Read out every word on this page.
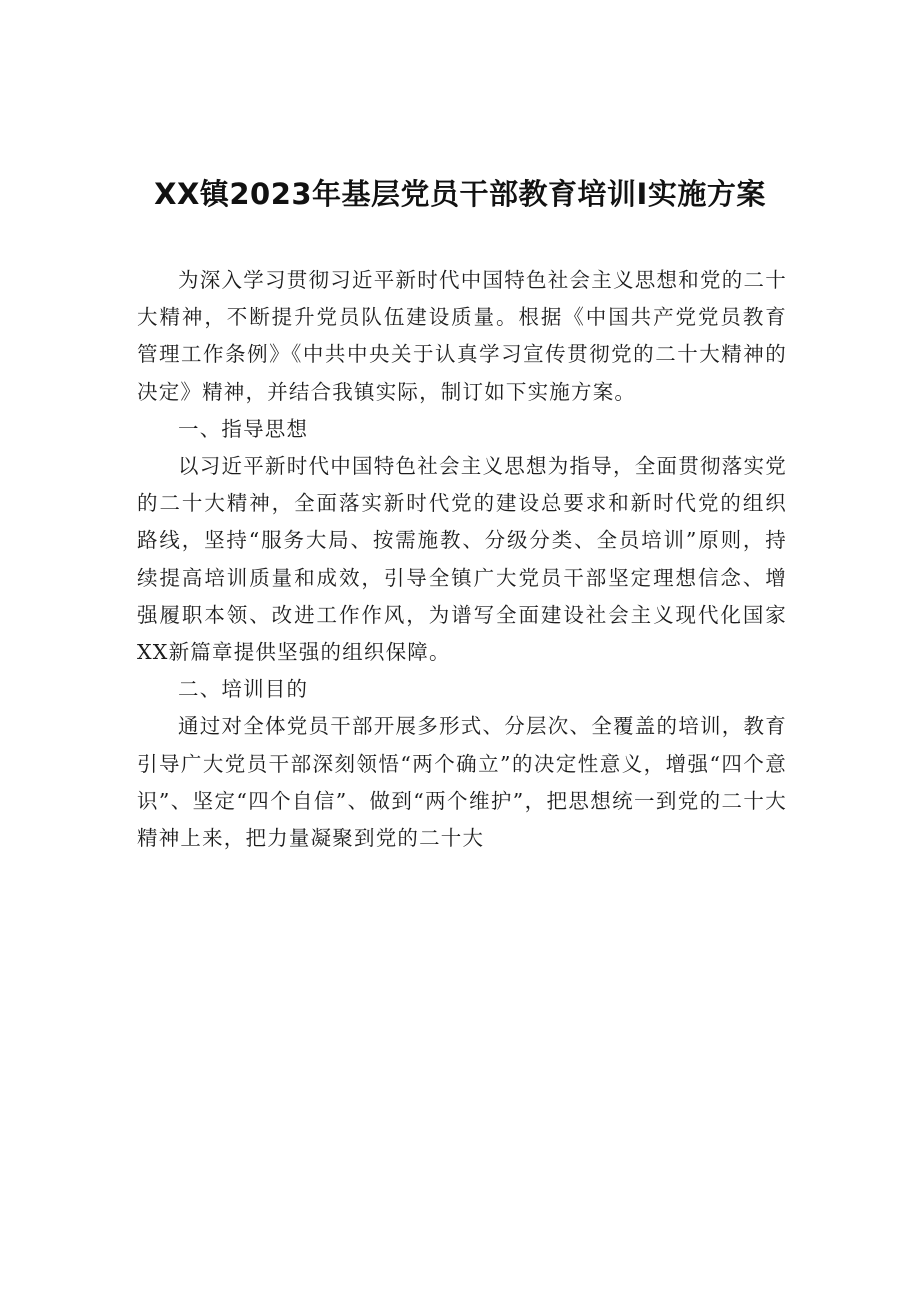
XX镇2023年基层党员干部教育培训Ⅰ实施方案

为深入学习贯彻习近平新时代中国特色社会主义思想和党的二十大精神，不断提升党员队伍建设质量。根据《中国共产党党员教育管理工作条例》《中共中央关于认真学习宣传贯彻党的二十大精神的决定》精神，并结合我镇实际，制订如下实施方案。

一、指导思想

以习近平新时代中国特色社会主义思想为指导，全面贯彻落实党的二十大精神，全面落实新时代党的建设总要求和新时代党的组织路线，坚持“服务大局、按需施教、分级分类、全员培训”原则，持续提高培训质量和成效，引导全镇广大党员干部坚定理想信念、增强履职本领、改进工作作风，为谱写全面建设社会主义现代化国家XX新篇章提供坚强的组织保障。

二、培训目的

通过对全体党员干部开展多形式、分层次、全覆盖的培训，教育引导广大党员干部深刻领悟“两个确立”的决定性意义，增强“四个意识”、坚定“四个自信”、做到“两个维护”，把思想统一到党的二十大精神上来，把力量凝聚到党的二十大
